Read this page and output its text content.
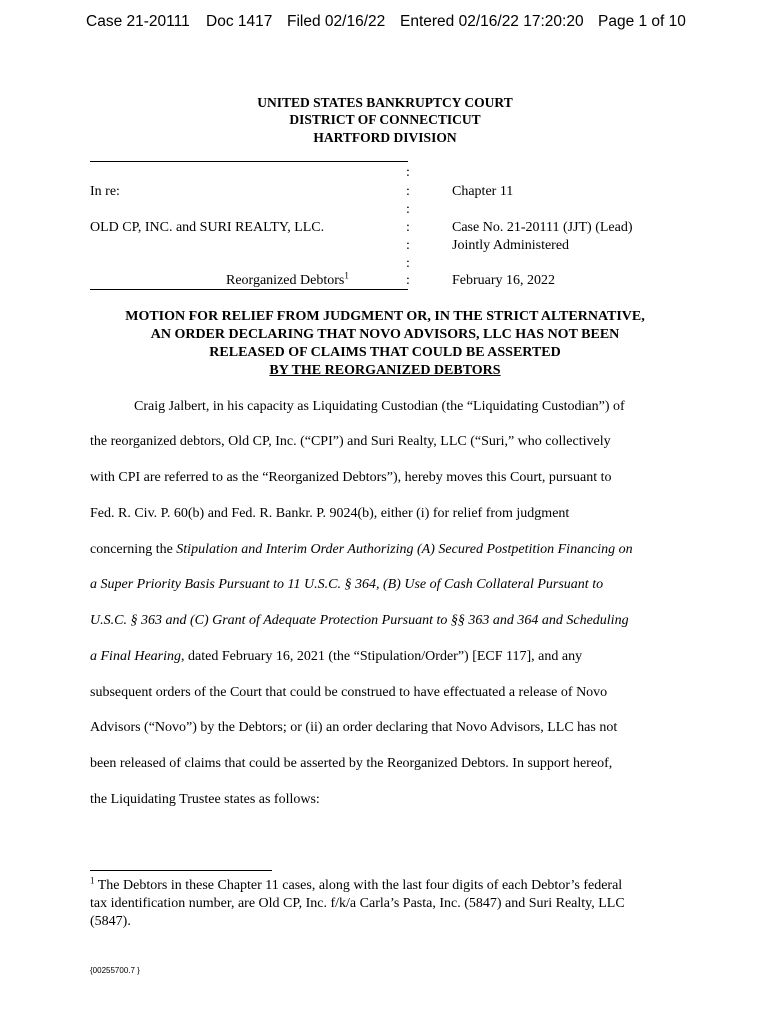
Case 21-20111 Doc 1417 Filed 02/16/22 Entered 02/16/22 17:20:20 Page 1 of 10
UNITED STATES BANKRUPTCY COURT
DISTRICT OF CONNECTICUT
HARTFORD DIVISION
:
:
:
:
:
:
:
In re:
OLD CP, INC. and SURI REALTY, LLC.
Reorganized Debtors$^1$
Chapter 11
Case No. 21-20111 (JJT) (Lead)
Jointly Administered
February 16, 2022
MOTION FOR RELIEF FROM JUDGMENT OR, IN THE STRICT ALTERNATIVE,
AN ORDER DECLARING THAT NOVO ADVISORS, LLC HAS NOT BEEN
RELEASED OF CLAIMS THAT COULD BE ASSERTED
BY THE REORGANIZED DEBTORS
Craig Jalbert, in his capacity as Liquidating Custodian (the “Liquidating Custodian”) of
the reorganized debtors, Old CP, Inc. (“CPI”) and Suri Realty, LLC (“Suri,” who collectively
with CPI are referred to as the “Reorganized Debtors”), hereby moves this Court, pursuant to
Fed. R. Civ. P. 60(b) and Fed. R. Bankr. P. 9024(b), either (i) for relief from judgment
concerning the Stipulation and Interim Order Authorizing (A) Secured Postpetition Financing on
a Super Priority Basis Pursuant to 11 U.S.C. § 364, (B) Use of Cash Collateral Pursuant to
U.S.C. § 363 and (C) Grant of Adequate Protection Pursuant to §§ 363 and 364 and Scheduling
a Final Hearing, dated February 16, 2021 (the “Stipulation/Order”) [ECF 117], and any
subsequent orders of the Court that could be construed to have effectuated a release of Novo
Advisors (“Novo”) by the Debtors; or (ii) an order declaring that Novo Advisors, LLC has not
been released of claims that could be asserted by the Reorganized Debtors. In support hereof,
the Liquidating Trustee states as follows:
$^1$ The Debtors in these Chapter 11 cases, along with the last four digits of each Debtor’s federal
tax identification number, are Old CP, Inc. f/k/a Carla’s Pasta, Inc. (5847) and Suri Realty, LLC
(5847).
{00255700.7 }
